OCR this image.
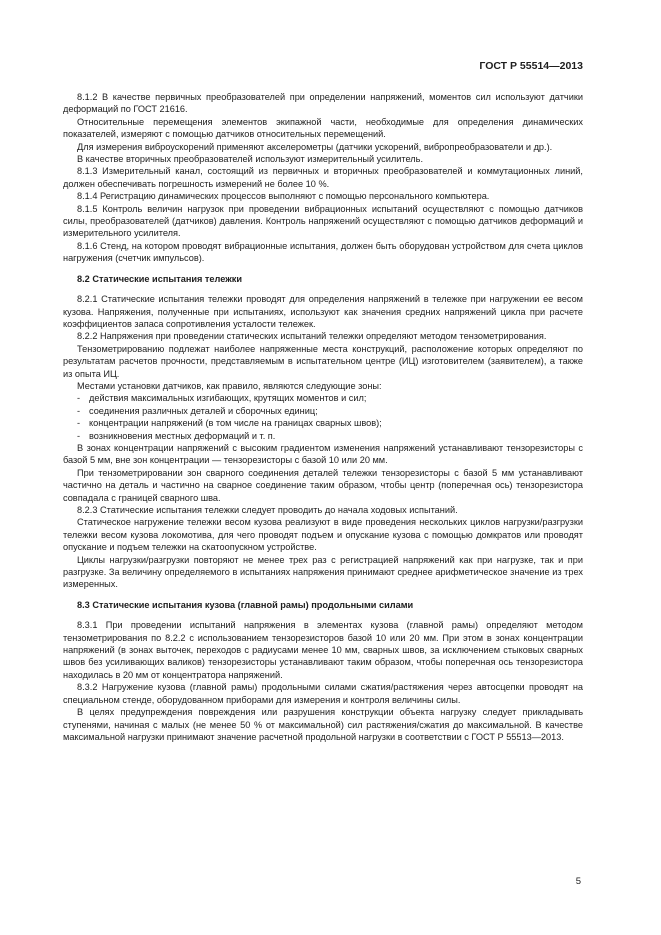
ГОСТ Р 55514—2013

8.1.2 В качестве первичных преобразователей при определении напряжений, моментов сил используют датчики деформаций по ГОСТ 21616.

Относительные перемещения элементов экипажной части, необходимые для определения динамических показателей, измеряют с помощью датчиков относительных перемещений.

Для измерения виброускорений применяют акселерометры (датчики ускорений, вибропреобразователи и др.).

В качестве вторичных преобразователей используют измерительный усилитель.

8.1.3 Измерительный канал, состоящий из первичных и вторичных преобразователей и коммутационных линий, должен обеспечивать погрешность измерений не более 10 %.

8.1.4 Регистрацию динамических процессов выполняют с помощью персонального компьютера.

8.1.5 Контроль величин нагрузок при проведении вибрационных испытаний осуществляют с помощью датчиков силы, преобразователей (датчиков) давления. Контроль напряжений осуществляют с помощью датчиков деформаций и измерительного усилителя.

8.1.6 Стенд, на котором проводят вибрационные испытания, должен быть оборудован устройством для счета циклов нагружения (счетчик импульсов).

8.2 Статические испытания тележки

8.2.1 Статические испытания тележки проводят для определения напряжений в тележке при нагружении ее весом кузова. Напряжения, полученные при испытаниях, используют как значения средних напряжений цикла при расчете коэффициентов запаса сопротивления усталости тележек.

8.2.2 Напряжения при проведении статических испытаний тележки определяют методом тензометрирования.

Тензометрированию подлежат наиболее напряженные места конструкций, расположение которых определяют по результатам расчетов прочности, представляемым в испытательном центре (ИЦ) изготовителем (заявителем), а также из опыта ИЦ.

Местами установки датчиков, как правило, являются следующие зоны:

- действия максимальных изгибающих, крутящих моментов и сил;
- соединения различных деталей и сборочных единиц;
- концентрации напряжений (в том числе на границах сварных швов);
- возникновения местных деформаций и т. п.

В зонах концентрации напряжений с высоким градиентом изменения напряжений устанавливают тензорезисторы с базой 5 мм, вне зон концентрации — тензорезисторы с базой 10 или 20 мм.

При тензометрировании зон сварного соединения деталей тележки тензорезисторы с базой 5 мм устанавливают частично на деталь и частично на сварное соединение таким образом, чтобы центр (поперечная ось) тензорезистора совпадала с границей сварного шва.

8.2.3 Статические испытания тележки следует проводить до начала ходовых испытаний.

Статическое нагружение тележки весом кузова реализуют в виде проведения нескольких циклов нагрузки/разгрузки тележки весом кузова локомотива, для чего проводят подъем и опускание кузова с помощью домкратов или проводят опускание и подъем тележки на скатоопускном устройстве.

Циклы нагрузки/разгрузки повторяют не менее трех раз с регистрацией напряжений как при нагрузке, так и при разгрузке. За величину определяемого в испытаниях напряжения принимают среднее арифметическое значение из трех измеренных.

8.3 Статические испытания кузова (главной рамы) продольными силами

8.3.1 При проведении испытаний напряжения в элементах кузова (главной рамы) определяют методом тензометрирования по 8.2.2 с использованием тензорезисторов базой 10 или 20 мм. При этом в зонах концентрации напряжений (в зонах выточек, переходов с радиусами менее 10 мм, сварных швов, за исключением стыковых сварных швов без усиливающих валиков) тензорезисторы устанавливают таким образом, чтобы поперечная ось тензорезистора находилась в 20 мм от концентратора напряжений.

8.3.2 Нагружение кузова (главной рамы) продольными силами сжатия/растяжения через автосцепки проводят на специальном стенде, оборудованном приборами для измерения и контроля величины силы.

В целях предупреждения повреждения или разрушения конструкции объекта нагрузку следует прикладывать ступенями, начиная с малых (не менее 50 % от максимальной) сил растяжения/сжатия до максимальной. В качестве максимальной нагрузки принимают значение расчетной продольной нагрузки в соответствии с ГОСТ Р 55513—2013.

5
